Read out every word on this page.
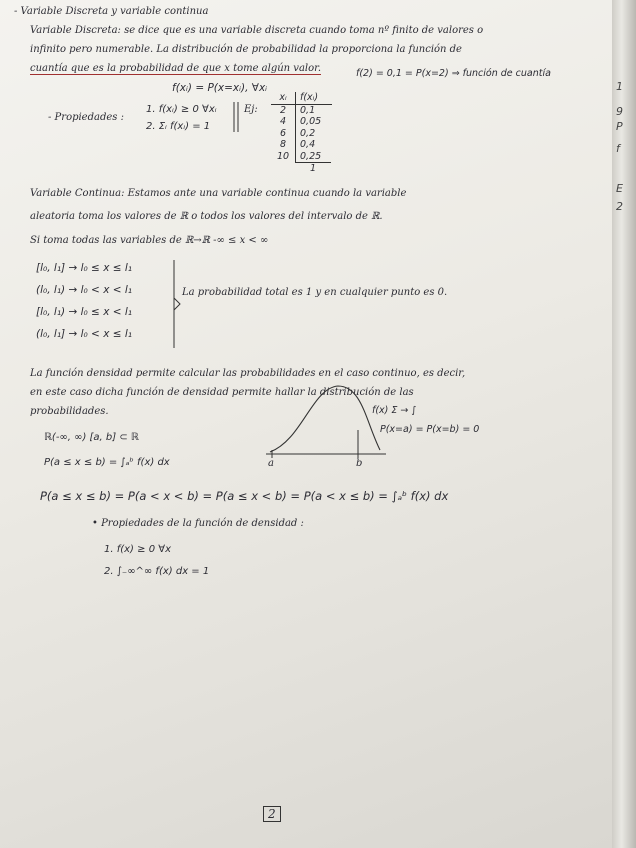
- Variable Discreta y variable continua
Variable Discreta: se dice que es una variable discreta cuando toma nº finito de valores o
infinito pero numerable. La distribución de probabilidad la proporciona la función de
cuantía que es la probabilidad de que x tome algún valor.
f(xᵢ) = P(x=xᵢ), ∀xᵢ
- Propiedades :
1. f(xᵢ) ≥ 0 ∀xᵢ
2. Σᵢ f(xᵢ) = 1
Ej:
xᵢ	f(xᵢ)
2	0,1
4	0,05
6	0,2
8	0,4
10	0,25
1
f(2) = 0,1 = P(x=2) ⇒ función de cuantía
Variable Continua: Estamos ante una variable continua cuando la variable
aleatoria toma los valores de ℝ o todos los valores del intervalo de ℝ.
Si toma todas las variables de ℝ→ℝ -∞ ≤ x < ∞
[l₀, l₁] → l₀ ≤ x ≤ l₁
(l₀, l₁) → l₀ < x < l₁
[l₀, l₁) → l₀ ≤ x < l₁
(l₀, l₁] → l₀ < x ≤ l₁
La probabilidad total es 1 y en cualquier punto es 0.
La función densidad permite calcular las probabilidades en el caso continuo, es decir,
en este caso dicha función de densidad permite hallar la distribución de las
probabilidades.
ℝ(-∞, ∞) [a, b] ⊂ ℝ
P(a ≤ x ≤ b) = ∫ₐᵇ f(x) dx	a	b
f(x) Σ → ∫
P(x=a) = P(x=b) = 0
P(a ≤ x ≤ b) = P(a < x < b) = P(a ≤ x < b) = P(a < x ≤ b) = ∫ₐᵇ f(x) dx
• Propiedades de la función de densidad :
1. f(x) ≥ 0 ∀x
2. ∫₋∞^∞ f(x) dx = 1
2
1
9
P
f
E
2
